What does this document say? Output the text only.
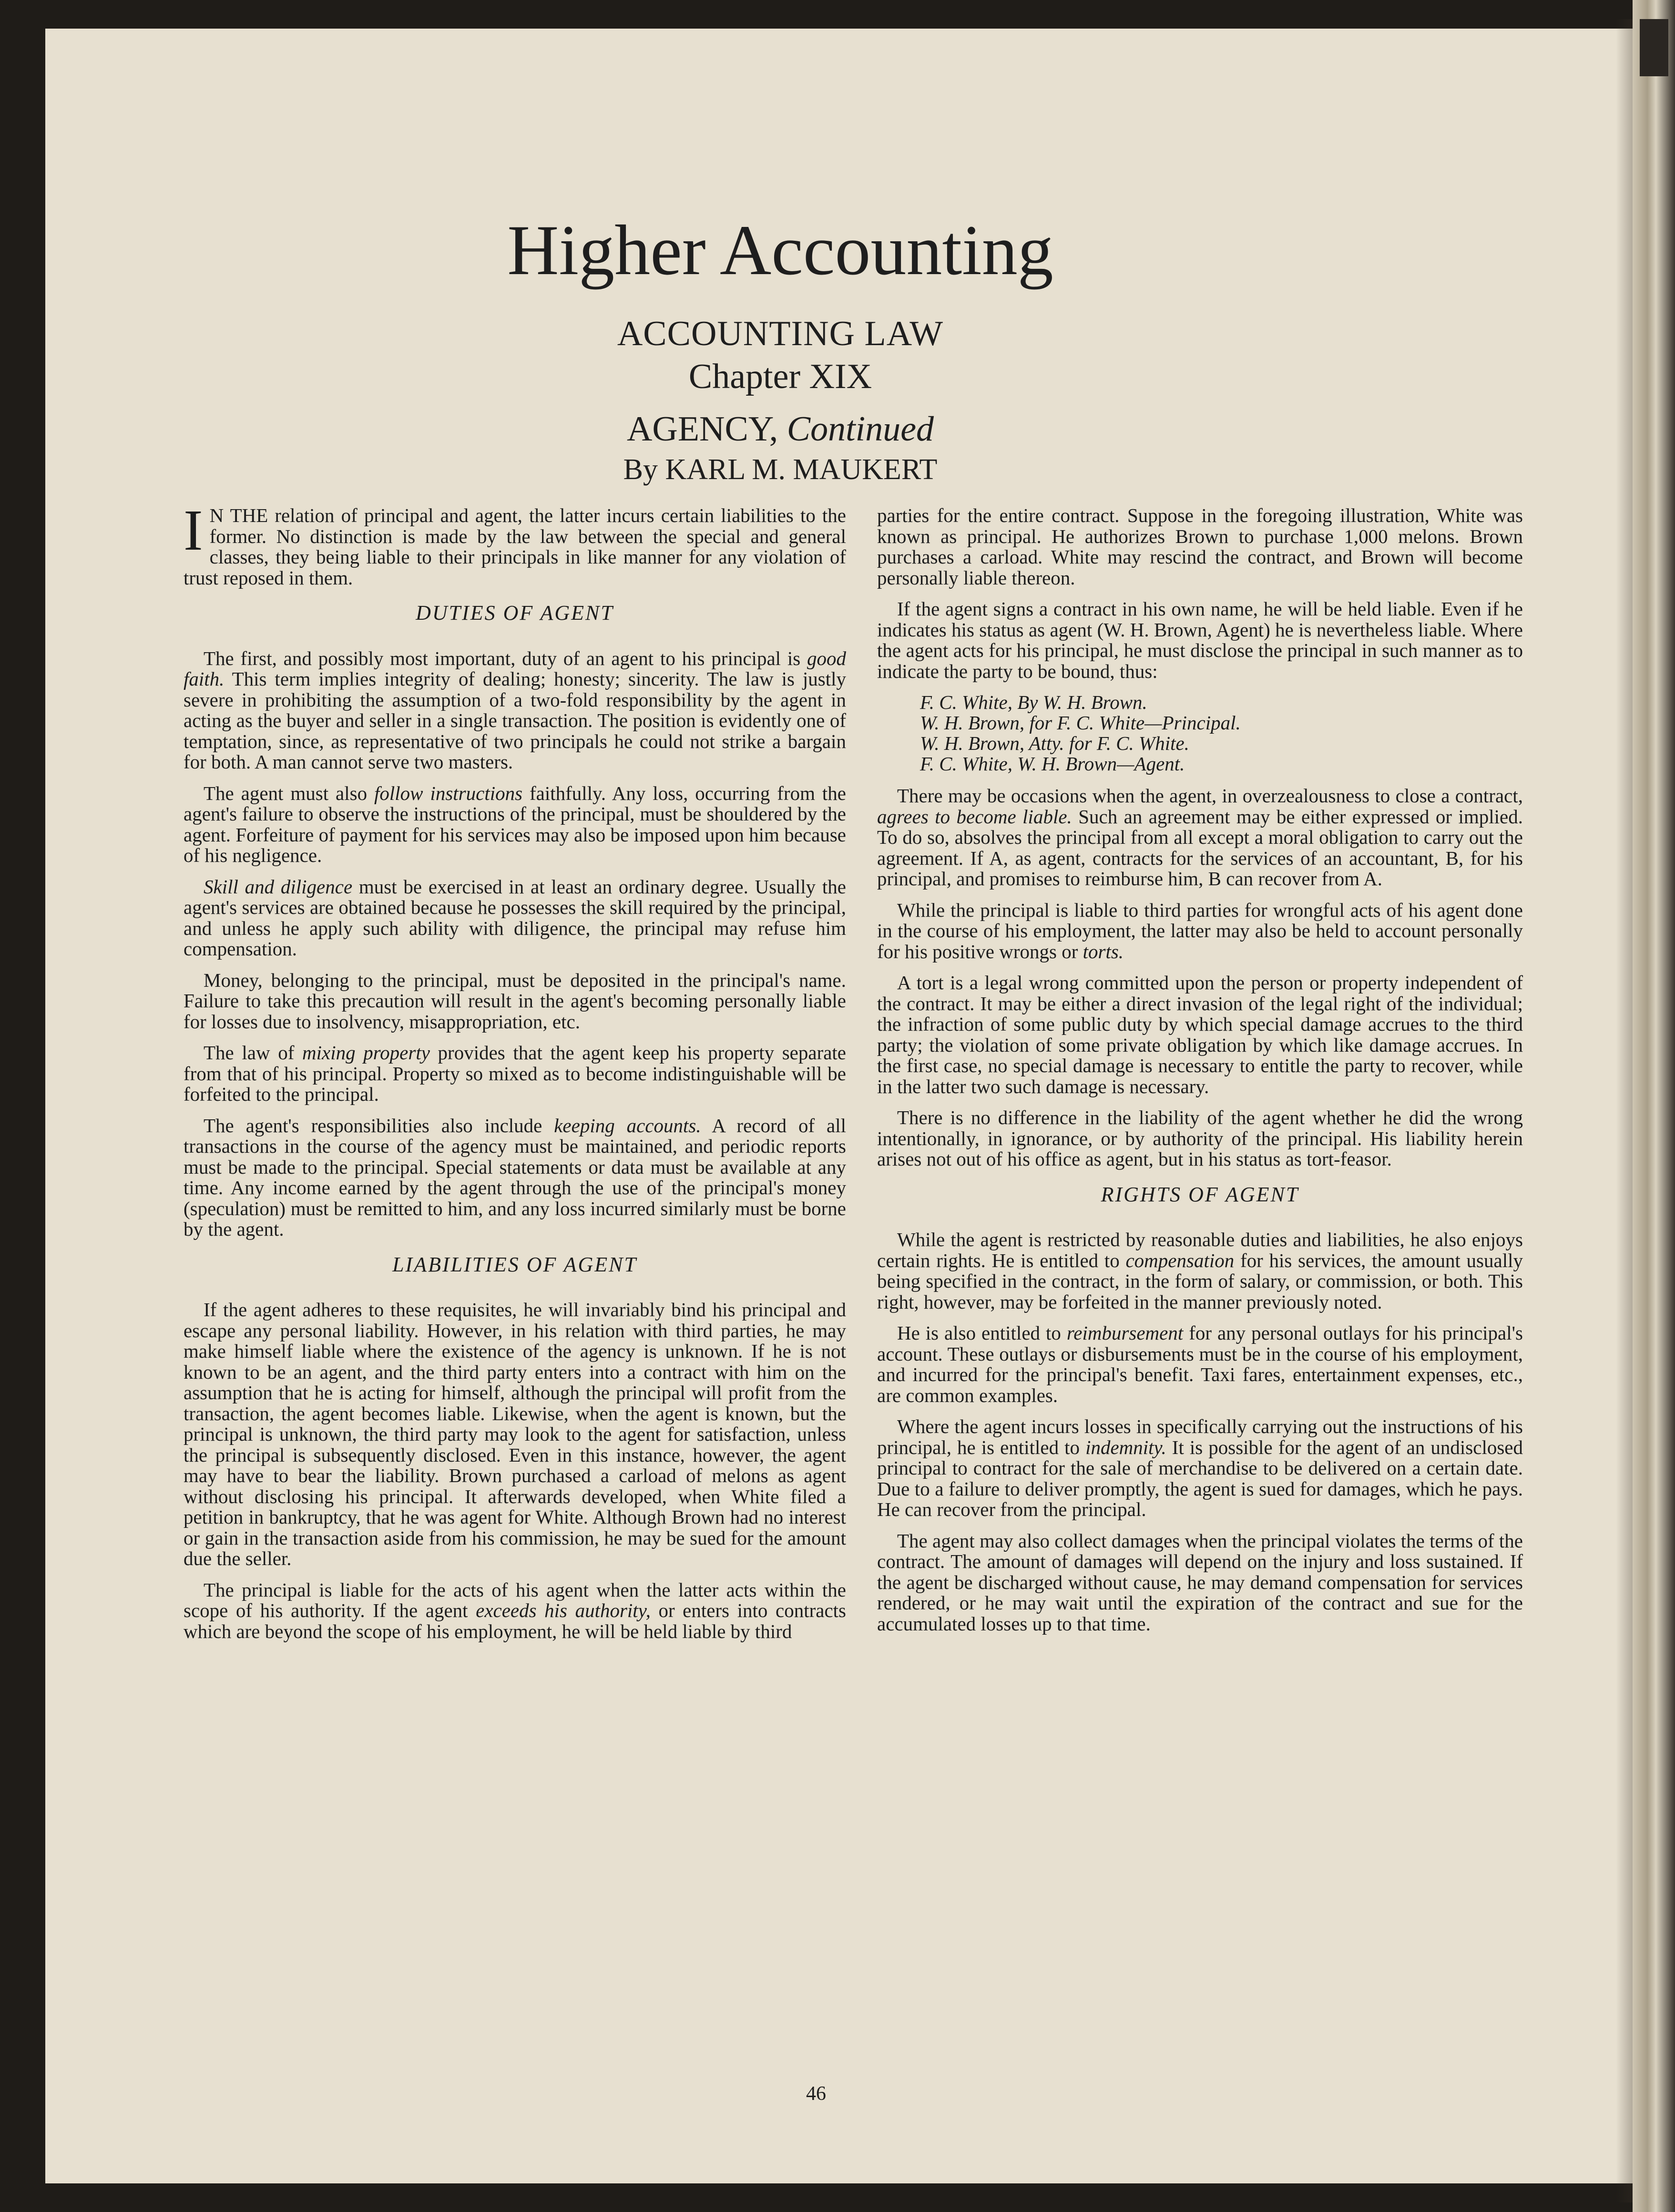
Higher Accounting
ACCOUNTING LAW
Chapter XIX
AGENCY, Continued
By KARL M. MAUKERT

I N THE relation of principal and agent, the latter incurs certain liabilities to the former. No distinction is made by the law between the special and general classes, they being liable to their principals in like manner for any violation of trust reposed in them.

DUTIES OF AGENT

The first, and possibly most important, duty of an agent to his principal is good faith. This term implies integrity of dealing; honesty; sincerity. The law is justly severe in prohibiting the assumption of a two-fold responsibility by the agent in acting as the buyer and seller in a single transaction. The position is evidently one of temptation, since, as representative of two principals he could not strike a bargain for both. A man cannot serve two masters.

The agent must also follow instructions faithfully. Any loss, occurring from the agent's failure to observe the instructions of the principal, must be shouldered by the agent. Forfeiture of payment for his services may also be imposed upon him because of his negligence.

Skill and diligence must be exercised in at least an ordinary degree. Usually the agent's services are obtained because he possesses the skill required by the principal, and unless he apply such ability with diligence, the principal may refuse him compensation.

Money, belonging to the principal, must be deposited in the principal's name. Failure to take this precaution will result in the agent's becoming personally liable for losses due to insolvency, misappropriation, etc.

The law of mixing property provides that the agent keep his property separate from that of his principal. Property so mixed as to become indistinguishable will be forfeited to the principal.

The agent's responsibilities also include keeping accounts. A record of all transactions in the course of the agency must be maintained, and periodic reports must be made to the principal. Special statements or data must be available at any time. Any income earned by the agent through the use of the principal's money (speculation) must be remitted to him, and any loss incurred similarly must be borne by the agent.

LIABILITIES OF AGENT

If the agent adheres to these requisites, he will invariably bind his principal and escape any personal liability. However, in his relation with third parties, he may make himself liable where the existence of the agency is unknown. If he is not known to be an agent, and the third party enters into a contract with him on the assumption that he is acting for himself, although the principal will profit from the transaction, the agent becomes liable. Likewise, when the agent is known, but the principal is unknown, the third party may look to the agent for satisfaction, unless the principal is subsequently disclosed. Even in this instance, however, the agent may have to bear the liability. Brown purchased a carload of melons as agent without disclosing his principal. It afterwards developed, when White filed a petition in bankruptcy, that he was agent for White. Although Brown had no interest or gain in the transaction aside from his commission, he may be sued for the amount due the seller.

The principal is liable for the acts of his agent when the latter acts within the scope of his authority. If the agent exceeds his authority, or enters into contracts which are beyond the scope of his employment, he will be held liable by third

parties for the entire contract. Suppose in the foregoing illustration, White was known as principal. He authorizes Brown to purchase 1,000 melons. Brown purchases a carload. White may rescind the contract, and Brown will become personally liable thereon.

If the agent signs a contract in his own name, he will be held liable. Even if he indicates his status as agent (W. H. Brown, Agent) he is nevertheless liable. Where the agent acts for his principal, he must disclose the principal in such manner as to indicate the party to be bound, thus:

F. C. White, By W. H. Brown.
W. H. Brown, for F. C. White—Principal.
W. H. Brown, Atty. for F. C. White.
F. C. White, W. H. Brown—Agent.

There may be occasions when the agent, in overzealousness to close a contract, agrees to become liable. Such an agreement may be either expressed or implied. To do so, absolves the principal from all except a moral obligation to carry out the agreement. If A, as agent, contracts for the services of an accountant, B, for his principal, and promises to reimburse him, B can recover from A.

While the principal is liable to third parties for wrongful acts of his agent done in the course of his employment, the latter may also be held to account personally for his positive wrongs or torts.

A tort is a legal wrong committed upon the person or property independent of the contract. It may be either a direct invasion of the legal right of the individual; the infraction of some public duty by which special damage accrues to the third party; the violation of some private obligation by which like damage accrues. In the first case, no special damage is necessary to entitle the party to recover, while in the latter two such damage is necessary.

There is no difference in the liability of the agent whether he did the wrong intentionally, in ignorance, or by authority of the principal. His liability herein arises not out of his office as agent, but in his status as tort-feasor.

RIGHTS OF AGENT

While the agent is restricted by reasonable duties and liabilities, he also enjoys certain rights. He is entitled to compensation for his services, the amount usually being specified in the contract, in the form of salary, or commission, or both. This right, however, may be forfeited in the manner previously noted.

He is also entitled to reimbursement for any personal outlays for his principal's account. These outlays or disbursements must be in the course of his employment, and incurred for the principal's benefit. Taxi fares, entertainment expenses, etc., are common examples.

Where the agent incurs losses in specifically carrying out the instructions of his principal, he is entitled to indemnity. It is possible for the agent of an undisclosed principal to contract for the sale of merchandise to be delivered on a certain date. Due to a failure to deliver promptly, the agent is sued for damages, which he pays. He can recover from the principal.

The agent may also collect damages when the principal violates the terms of the contract. The amount of damages will depend on the injury and loss sustained. If the agent be discharged without cause, he may demand compensation for services rendered, or he may wait until the expiration of the contract and sue for the accumulated losses up to that time.

46
